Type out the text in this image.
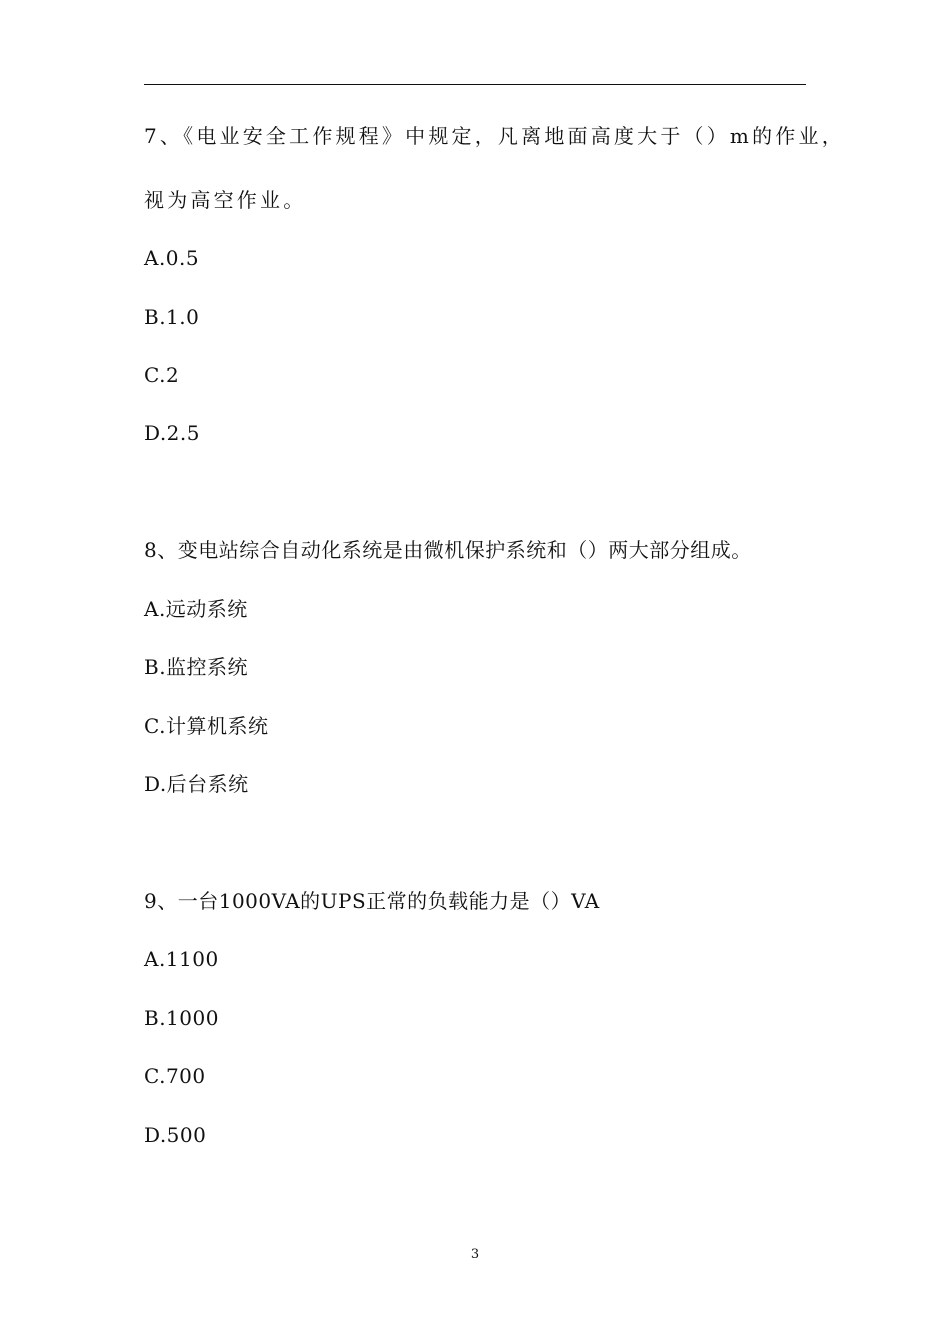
7、《电业安全工作规程》中规定，凡离地面高度大于（）m的作业，
视为高空作业。
A.0.5
B.1.0
C.2
D.2.5
8、变电站综合自动化系统是由微机保护系统和（）两大部分组成。
A.远动系统
B.监控系统
C.计算机系统
D.后台系统
9、一台1000VA的UPS正常的负载能力是（）VA
A.1100
B.1000
C.700
D.500
3
